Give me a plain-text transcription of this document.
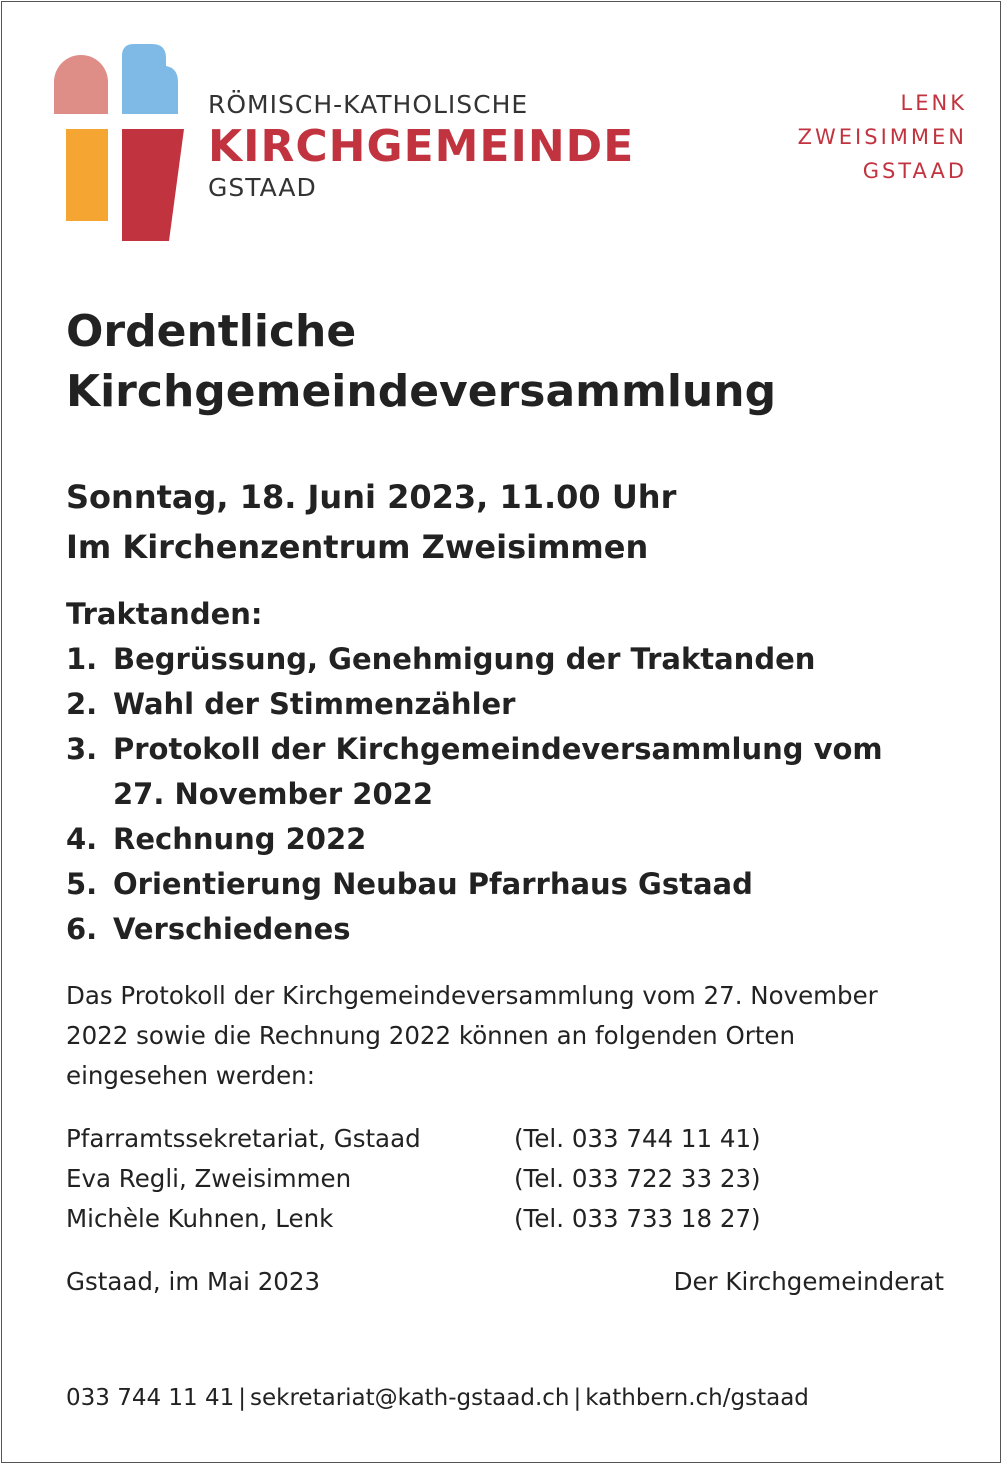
RÖMISCH-KATHOLISCHE
KIRCHGEMEINDE
GSTAAD
LENK
ZWEISIMMEN
GSTAAD
Ordentliche
Kirchgemeindeversammlung
Sonntag, 18. Juni 2023, 11.00 Uhr
Im Kirchenzentrum Zweisimmen
Traktanden:
1. Begrüssung, Genehmigung der Traktanden
2. Wahl der Stimmenzähler
3. Protokoll der Kirchgemeindeversammlung vom
27. November 2022
4. Rechnung 2022
5. Orientierung Neubau Pfarrhaus Gstaad
6. Verschiedenes
Das Protokoll der Kirchgemeindeversammlung vom 27. November
2022 sowie die Rechnung 2022 können an folgenden Orten
eingesehen werden:
Pfarramtssekretariat, Gstaad	(Tel. 033 744 11 41)
Eva Regli, Zweisimmen	(Tel. 033 722 33 23)
Michèle Kuhnen, Lenk	(Tel. 033 733 18 27)
Gstaad, im Mai 2023	Der Kirchgemeinderat
033 744 11 41 | sekretariat@kath-gstaad.ch | kathbern.ch/gstaad
